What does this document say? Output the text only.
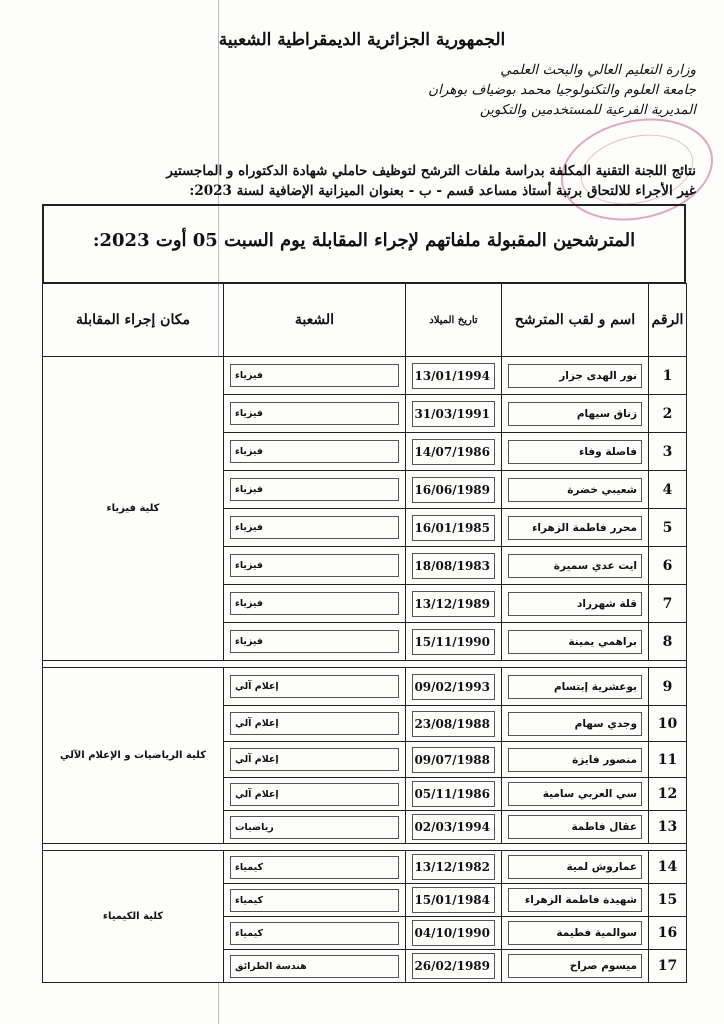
الجمهورية الجزائرية الديمقراطية الشعبية
وزارة التعليم العالي والبحث العلمي
جامعة العلوم والتكنولوجيا محمد بوضياف بوهران
المديرية الفرعية للمستخدمين والتكوين
نتائج اللجنة التقنية المكلفة بدراسة ملفات الترشح لتوظيف حاملي شهادة الدكتوراه و الماجستير
غير الأجراء للالتحاق برتبة أستاذ مساعد قسم - ب - بعنوان الميزانية الإضافية لسنة 2023:
المترشحين المقبولة ملفاتهم لإجراء المقابلة يوم السبت 05 أوت 2023:
الرقم	اسم و لقب المترشح	تاريخ الميلاد	الشعبة	مكان إجراء المقابلة
1	نور الهدى جزار	13/01/1994	فيزياء	كلية فيزياء
2	زناق سيهام	31/03/1991	فيزياء	

3	فاصلة وفاء	14/07/1986	فيزياء	

4	شعيبي خضرة	16/06/1989	فيزياء	

5	محرر فاطمة الزهراء	16/01/1985	فيزياء	

6	ايت عدي سميرة	18/08/1983	فيزياء	

7	قلة شهرزاد	13/12/1989	فيزياء	

8	براهمي يمينة	15/11/1990	فيزياء	

9	بوعشرية إبتسام	09/02/1993	إعلام آلي	كلية الرياضيات و الإعلام الآلي
10	وجدي سهام	23/08/1988	إعلام آلي	

11	منصور فايزة	09/07/1988	إعلام آلي	

12	سي العربي سامية	05/11/1986	إعلام آلي	

13	عقال فاطمة	02/03/1994	رياضيات	

14	عماروش لمية	13/12/1982	كيمياء	كلية الكيمياء
15	شهيدة فاطمة الزهراء	15/01/1984	كيمياء	

16	سوالمية فطيمة	04/10/1990	كيمياء	

17	ميسوم صراح	26/02/1989	هندسة الطرائق	
